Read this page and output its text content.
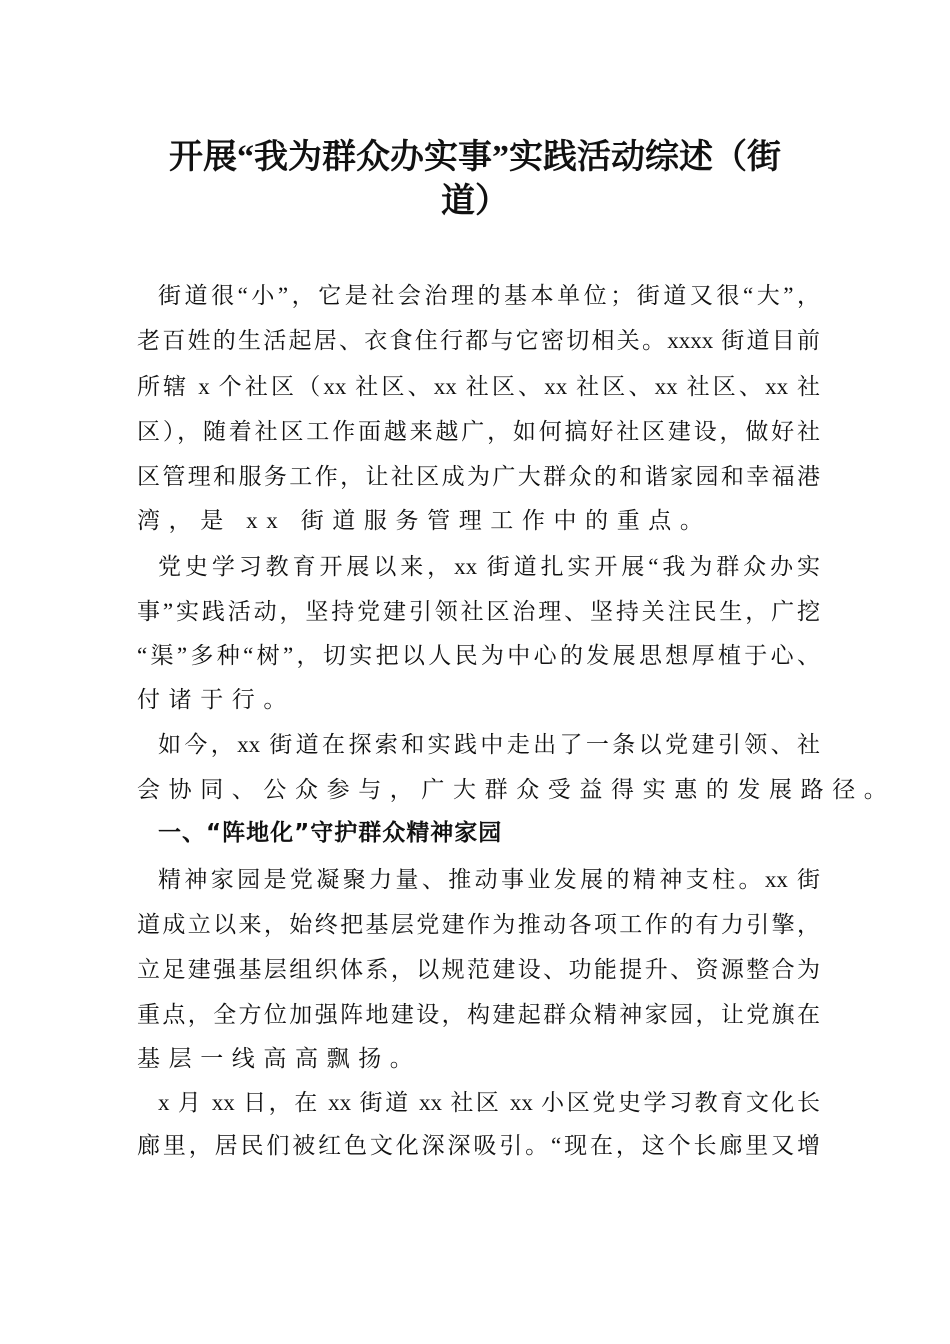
开展“我为群众办实事”实践活动综述（街
道）
街道很“小”，它是社会治理的基本单位；街道又很“大”，
老百姓的生活起居、衣食住行都与它密切相关。xxxx 街道目前
所辖 x 个社区（xx 社区、xx 社区、xx 社区、xx 社区、xx 社
区），随着社区工作面越来越广，如何搞好社区建设，做好社
区管理和服务工作，让社区成为广大群众的和谐家园和幸福港
湾，是 xx 街道服务管理工作中的重点。
党史学习教育开展以来，xx 街道扎实开展“我为群众办实
事”实践活动，坚持党建引领社区治理、坚持关注民生，广挖
“渠”多种“树”，切实把以人民为中心的发展思想厚植于心、
付诸于行。
如今，xx 街道在探索和实践中走出了一条以党建引领、社
会协同、公众参与，广大群众受益得实惠的发展路径。
一、“阵地化”守护群众精神家园
精神家园是党凝聚力量、推动事业发展的精神支柱。xx 街
道成立以来，始终把基层党建作为推动各项工作的有力引擎，
立足建强基层组织体系，以规范建设、功能提升、资源整合为
重点，全方位加强阵地建设，构建起群众精神家园，让党旗在
基层一线高高飘扬。
x 月 xx 日，在 xx 街道 xx 社区 xx 小区党史学习教育文化长
廊里，居民们被红色文化深深吸引。“现在，这个长廊里又增
